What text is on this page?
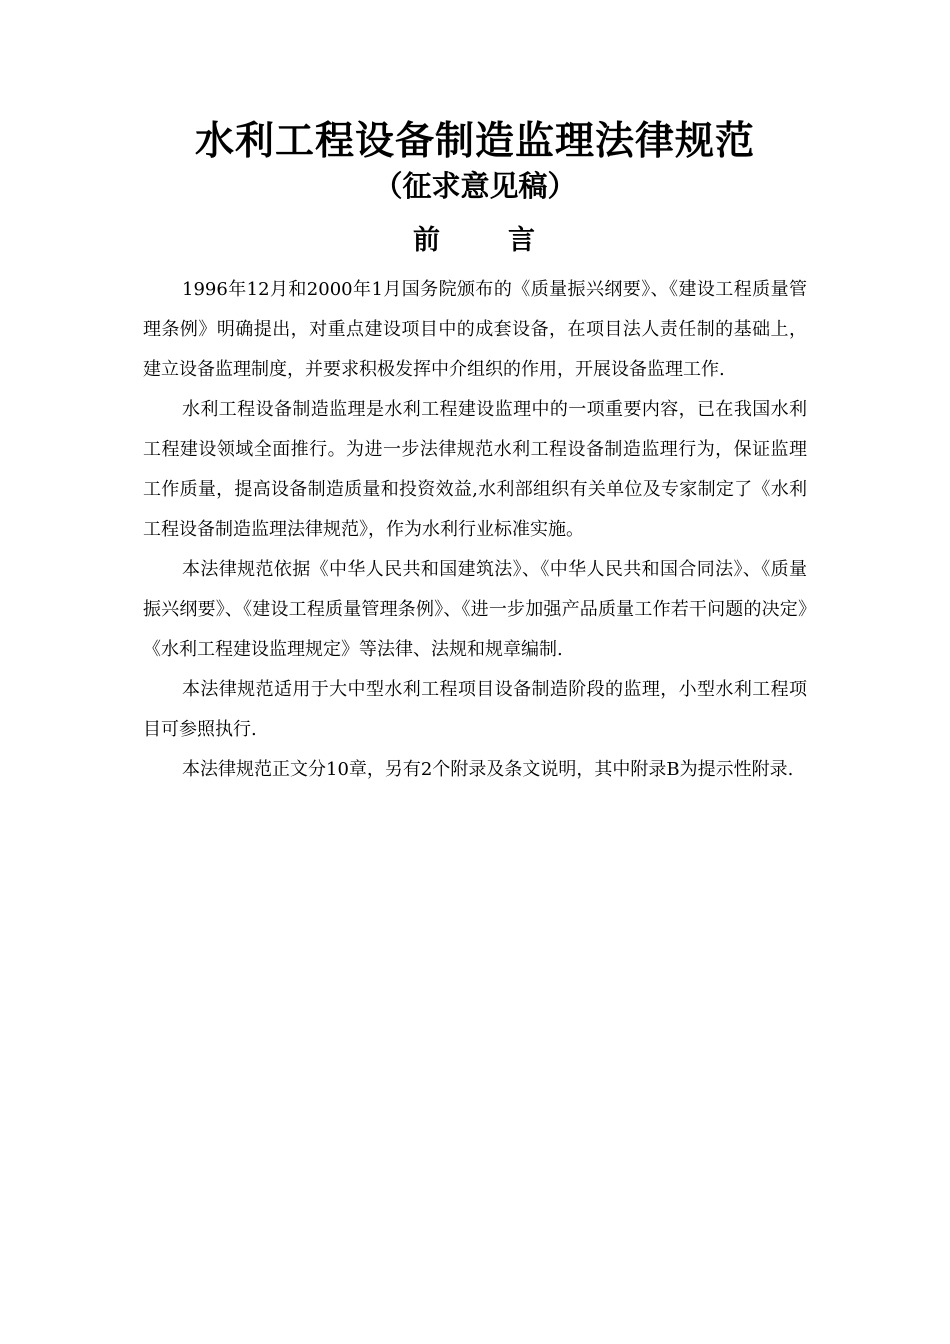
水利工程设备制造监理法律规范
（征求意见稿）
前 言

1996年12月和2000年1月国务院颁布的《质量振兴纲要》、《建设工程质量管理条例》明确提出，对重点建设项目中的成套设备，在项目法人责任制的基础上，建立设备监理制度，并要求积极发挥中介组织的作用，开展设备监理工作.

水利工程设备制造监理是水利工程建设监理中的一项重要内容，已在我国水利工程建设领域全面推行。为进一步法律规范水利工程设备制造监理行为，保证监理工作质量，提高设备制造质量和投资效益,水利部组织有关单位及专家制定了《水利工程设备制造监理法律规范》，作为水利行业标准实施。

本法律规范依据《中华人民共和国建筑法》、《中华人民共和国合同法》、《质量振兴纲要》、《建设工程质量管理条例》、《进一步加强产品质量工作若干问题的决定》《水利工程建设监理规定》等法律、法规和规章编制.

本法律规范适用于大中型水利工程项目设备制造阶段的监理，小型水利工程项目可参照执行.

本法律规范正文分10章，另有2个附录及条文说明，其中附录B为提示性附录.
